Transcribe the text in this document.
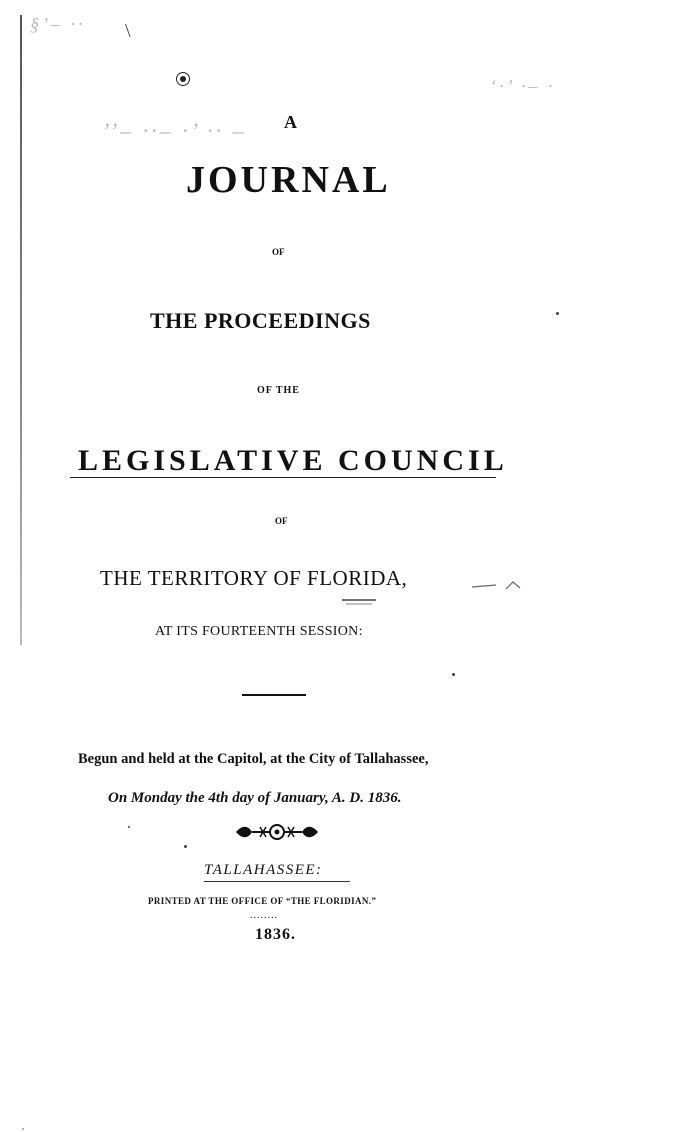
§’– ·· \
‘·’ ·– ·
’’– ··– ·’ ·· – A
JOURNAL
OF
THE PROCEEDINGS
OF THE
LEGISLATIVE COUNCIL
OF
THE TERRITORY OF FLORIDA,
AT ITS FOURTEENTH SESSION:
Begun and held at the Capitol, at the City of Tallahassee,
On Monday the 4th day of January, A. D. 1836.
TALLAHASSEE:
PRINTED AT THE OFFICE OF “THE FLORIDIAN.”
........
1836.
